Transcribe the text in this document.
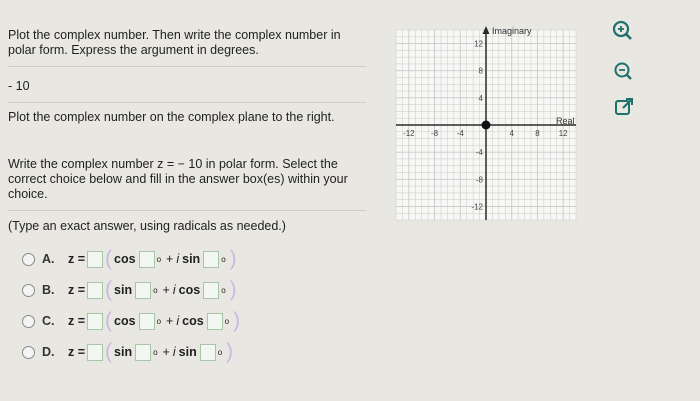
Plot the complex number. Then write the complex number in polar form. Express the argument in degrees.
- 10
Plot the complex number on the complex plane to the right.
Write the complex number z = − 10 in polar form. Select the correct choice below and fill in the answer box(es) within your choice.
(Type an exact answer, using radicals as needed.)
A.	z = ( cos	o + i sin	o )
B.	z = ( sin	o + i cos	o )
C.	z = ( cos	o + i cos	o )
D.	z = ( sin	o + i sin	o )
-12 -8 -4	4	8 12
12
8
4
-4
-8
-12
Imaginary
Real
